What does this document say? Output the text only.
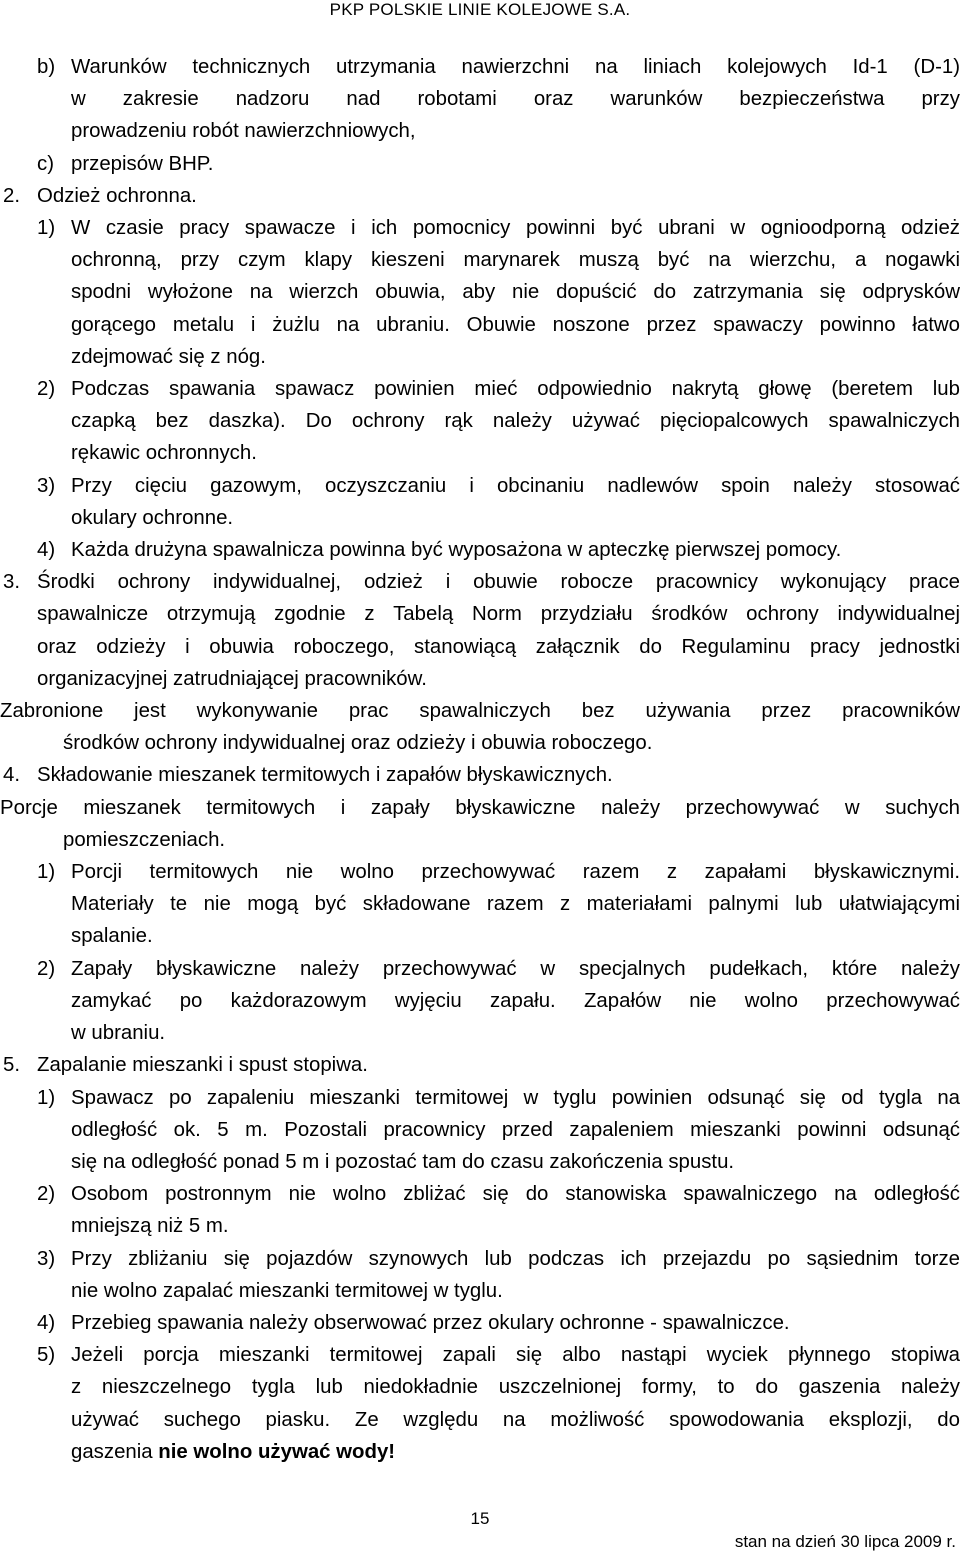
PKP POLSKIE LINIE KOLEJOWE S.A.
b) Warunków technicznych utrzymania nawierzchni na liniach kolejowych Id-1 (D-1)

w zakresie nadzoru nad robotami oraz warunków bezpieczeństwa przy

prowadzeniu robót nawierzchniowych,

c) przepisów BHP.

2. Odzież ochronna.

1) W czasie pracy spawacze i ich pomocnicy powinni być ubrani w ognioodporną odzież

ochronną, przy czym klapy kieszeni marynarek muszą być na wierzchu, a nogawki

spodni wyłożone na wierzch obuwia, aby nie dopuścić do zatrzymania się odprysków

gorącego metalu i żużlu na ubraniu. Obuwie noszone przez spawaczy powinno łatwo

zdejmować się z nóg.

2) Podczas spawania spawacz powinien mieć odpowiednio nakrytą głowę (beretem lub

czapką bez daszka). Do ochrony rąk należy używać pięciopalcowych spawalniczych

rękawic ochronnych.

3) Przy cięciu gazowym, oczyszczaniu i obcinaniu nadlewów spoin należy stosować

okulary ochronne.

4) Każda drużyna spawalnicza powinna być wyposażona w apteczkę pierwszej pomocy.

3. Środki ochrony indywidualnej, odzież i obuwie robocze pracownicy wykonujący prace

spawalnicze otrzymują zgodnie z Tabelą Norm przydziału środków ochrony indywidualnej

oraz odzieży i obuwia roboczego, stanowiącą załącznik do Regulaminu pracy jednostki

organizacyjnej zatrudniającej pracowników.

Zabronione jest wykonywanie prac spawalniczych bez używania przez pracowników

środków ochrony indywidualnej oraz odzieży i obuwia roboczego.

4. Składowanie mieszanek termitowych i zapałów błyskawicznych.

Porcje mieszanek termitowych i zapały błyskawiczne należy przechowywać w suchych

pomieszczeniach.

1) Porcji termitowych nie wolno przechowywać razem z zapałami błyskawicznymi.

Materiały te nie mogą być składowane razem z materiałami palnymi lub ułatwiającymi

spalanie.

2) Zapały błyskawiczne należy przechowywać w specjalnych pudełkach, które należy

zamykać po każdorazowym wyjęciu zapału. Zapałów nie wolno przechowywać

w ubraniu.

5. Zapalanie mieszanki i spust stopiwa.

1) Spawacz po zapaleniu mieszanki termitowej w tyglu powinien odsunąć się od tygla na

odległość ok. 5 m. Pozostali pracownicy przed zapaleniem mieszanki powinni odsunąć

się na odległość ponad 5 m i pozostać tam do czasu zakończenia spustu.

2) Osobom postronnym nie wolno zbliżać się do stanowiska spawalniczego na odległość

mniejszą niż 5 m.

3) Przy zbliżaniu się pojazdów szynowych lub podczas ich przejazdu po sąsiednim torze

nie wolno zapalać mieszanki termitowej w tyglu.

4) Przebieg spawania należy obserwować przez okulary ochronne - spawalniczce.

5) Jeżeli porcja mieszanki termitowej zapali się albo nastąpi wyciek płynnego stopiwa

z nieszczelnego tygla lub niedokładnie uszczelnionej formy, to do gaszenia należy

używać suchego piasku. Ze względu na możliwość spowodowania eksplozji, do

gaszenia nie wolno używać wody!

15
stan na dzień 30 lipca 2009 r.
